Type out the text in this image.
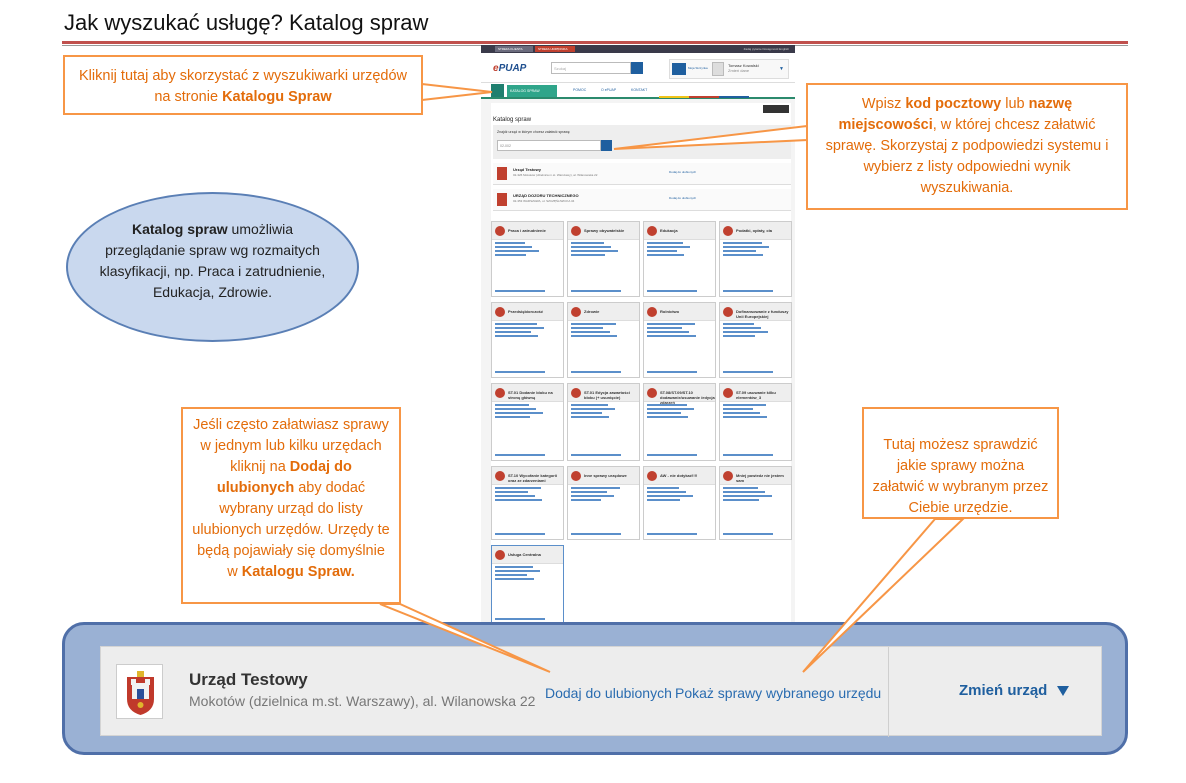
Jak wyszukać usługę? Katalog spraw
STREFA KLIENTA	STREFA URZĘDNIKA	Zadaj pytanie Dostępność English
ePUAP	Szukaj	Moja Skrzynka	Tomasz Kowalski
Zmień dane	▼
KATALOG SPRAW	POMOC	O ePUAP	KONTAKT
Katalog spraw
Znajdź urząd w którym chcesz załatwić sprawę
02-002
Urząd Testowy
02-326 Mokotów (dzielnica m.st. Warszawy), al. Wilanowska 22
Dodaj do ulubionych
URZĄD DOZORU TECHNICZNEGO
02-353 WARSZAWA, ul. SZCZĘŚLIWICKA 34
Dodaj do ulubionych
Praca i zatrudnienie	Sprawy obywatelskie	Edukacja	Podatki, opłaty, cła
Przedsiębiorczość	Zdrowie	Rolnictwo	Dofinansowanie z funduszy Unii Europejskiej
ST.01 Dodanie bloku na stronę główną
ST.01 Edycja zawartości bloku (+ usunięcie)
ST.08/ST.09/ST.10 dodawanie/usuwanie /edycja zdarzeń
ST.09 usuwanie kilku elementów_3
ST.10 Wycofanie kategorii oraz ze zdarzeniami
Inne sprawy urzędowe	AW - nie dotykać!!!!	Mniej powiedz nie jestem sam
Usługa Centralna
Kliknij tutaj aby skorzystać z wyszukiwarki urzędów na stronie Katalogu Spraw	Wpisz kod pocztowy lub nazwę miejscowości, w której chcesz załatwić sprawę. Skorzystaj z podpowiedzi systemu i wybierz z listy odpowiedni wynik wyszukiwania.
Katalog spraw umożliwia przeglądanie spraw wg rozmaitych klasyfikacji, np. Praca i zatrudnienie, Edukacja, Zdrowie.
Jeśli często załatwiasz sprawy w jednym lub kilku urzędach kliknij na Dodaj do ulubionych aby dodać wybrany urząd do listy ulubionych urzędów. Urzędy te będą pojawiały się domyślnie w Katalogu Spraw.
Tutaj możesz sprawdzić jakie sprawy można załatwić w wybranym przez Ciebie urzędzie.
Urząd Testowy
Mokotów (dzielnica m.st. Warszawy), al. Wilanowska 22 Dodaj do ulubionych Pokaż sprawy wybranego urzędu	Zmień urząd
